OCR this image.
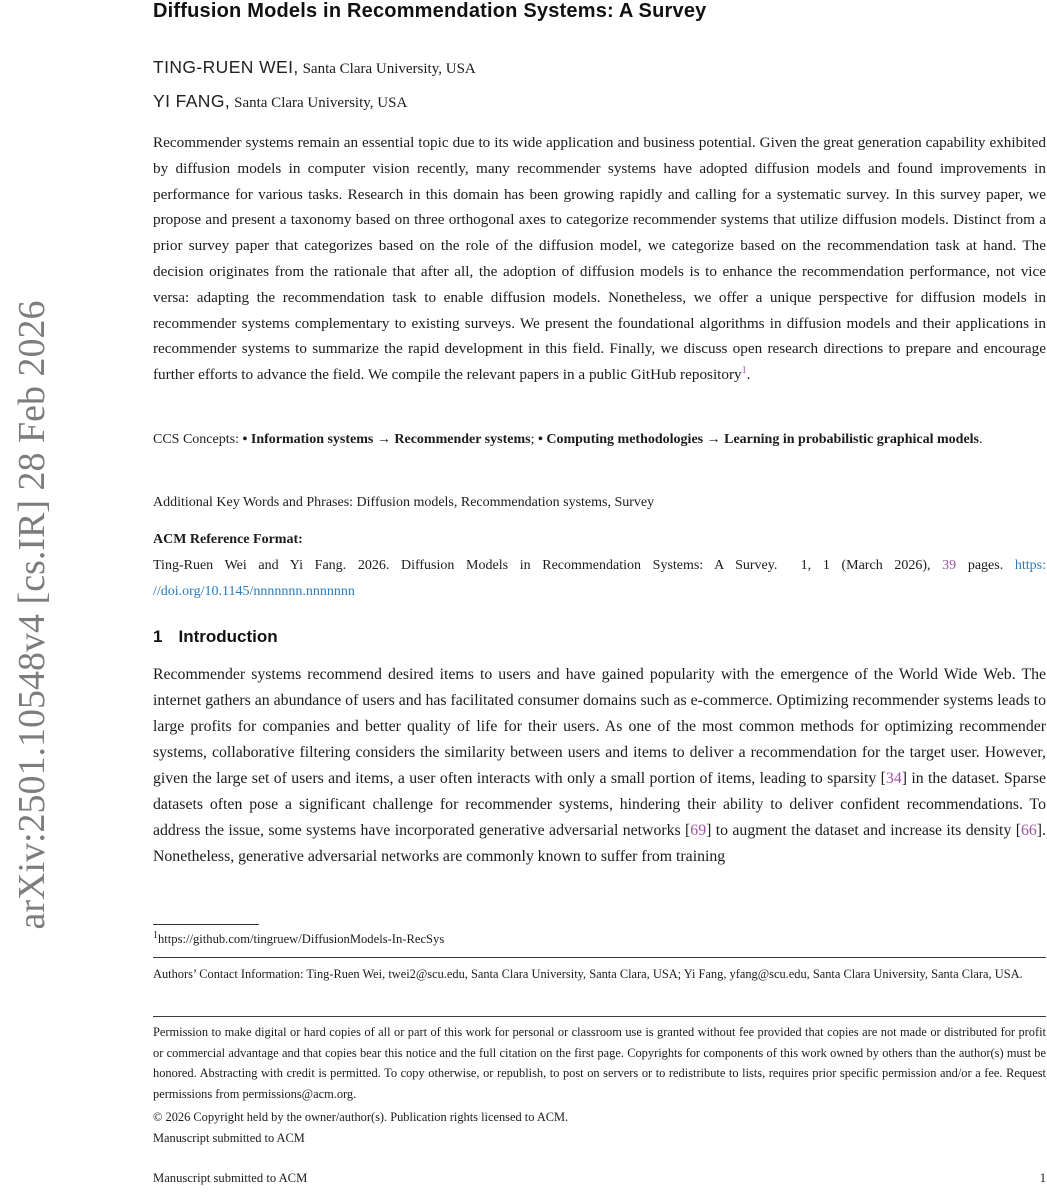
arXiv:2501.10548v4 [cs.IR] 28 Feb 2026
Diffusion Models in Recommendation Systems: A Survey
TING-RUEN WEI, Santa Clara University, USA
YI FANG, Santa Clara University, USA
Recommender systems remain an essential topic due to its wide application and business potential. Given the great generation capability exhibited by diffusion models in computer vision recently, many recommender systems have adopted diffusion models and found improvements in performance for various tasks. Research in this domain has been growing rapidly and calling for a systematic survey. In this survey paper, we propose and present a taxonomy based on three orthogonal axes to categorize recommender systems that utilize diffusion models. Distinct from a prior survey paper that categorizes based on the role of the diffusion model, we categorize based on the recommendation task at hand. The decision originates from the rationale that after all, the adoption of diffusion models is to enhance the recommendation performance, not vice versa: adapting the recommendation task to enable diffusion models. Nonetheless, we offer a unique perspective for diffusion models in recommender systems complementary to existing surveys. We present the foundational algorithms in diffusion models and their applications in recommender systems to summarize the rapid development in this field. Finally, we discuss open research directions to prepare and encourage further efforts to advance the field. We compile the relevant papers in a public GitHub repository$^1$.
CCS Concepts: • Information systems → Recommender systems; • Computing methodologies → Learning in probabilistic graphical models.
Additional Key Words and Phrases: Diffusion models, Recommendation systems, Survey
ACM Reference Format:
Ting-Ruen Wei and Yi Fang. 2026. Diffusion Models in Recommendation Systems: A Survey.  1, 1 (March 2026), 39 pages. https:​//doi.org/10.1145/nnnnnnn.nnnnnnn
1 Introduction
Recommender systems recommend desired items to users and have gained popularity with the emergence of the World Wide Web. The internet gathers an abundance of users and has facilitated consumer domains such as e-commerce. Optimizing recommender systems leads to large profits for companies and better quality of life for their users. As one of the most common methods for optimizing recommender systems, collaborative filtering considers the similarity between users and items to deliver a recommendation for the target user. However, given the large set of users and items, a user often interacts with only a small portion of items, leading to sparsity [34] in the dataset. Sparse datasets often pose a significant challenge for recommender systems, hindering their ability to deliver confident recommendations. To address the issue, some systems have incorporated generative adversarial networks [69] to augment the dataset and increase its density [66]. Nonetheless, generative adversarial networks are commonly known to suffer from training
$^1$https://github.com/tingruew/DiffusionModels-In-RecSys
Authors’ Contact Information: Ting-Ruen Wei, twei2@scu.edu, Santa Clara University, Santa Clara, USA; Yi Fang, yfang@scu.edu, Santa Clara University, Santa Clara, USA.
Permission to make digital or hard copies of all or part of this work for personal or classroom use is granted without fee provided that copies are not made or distributed for profit or commercial advantage and that copies bear this notice and the full citation on the first page. Copyrights for components of this work owned by others than the author(s) must be honored. Abstracting with credit is permitted. To copy otherwise, or republish, to post on servers or to redistribute to lists, requires prior specific permission and/or a fee. Request permissions from permissions@acm.org.
© 2026 Copyright held by the owner/author(s). Publication rights licensed to ACM.
Manuscript submitted to ACM
Manuscript submitted to ACM	1
